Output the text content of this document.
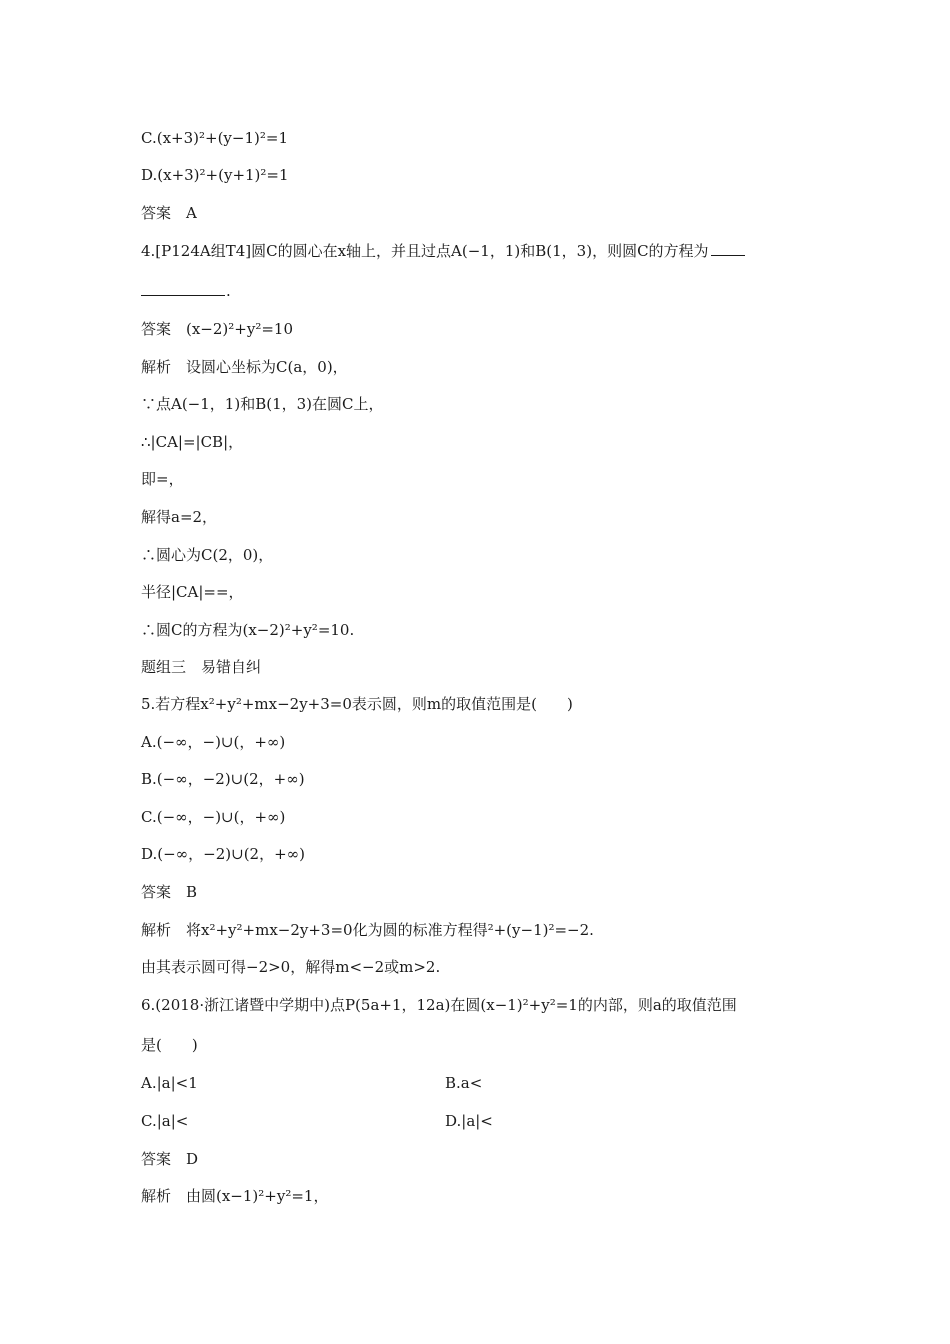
C.(x+3)²+(y−1)²=1
D.(x+3)²+(y+1)²=1
答案　A
4.[P124A组T4]圆C的圆心在x轴上，并且过点A(−1，1)和B(1，3)，则圆C的方程为
.
答案　(x−2)²+y²=10
解析　设圆心坐标为C(a，0)，
∵点A(−1，1)和B(1，3)在圆C上，
∴|CA|=|CB|，
即=，
解得a=2，
∴圆心为C(2，0)，
半径|CA|==，
∴圆C的方程为(x−2)²+y²=10.
题组三　易错自纠
5.若方程x²+y²+mx−2y+3=0表示圆，则m的取值范围是(　　)
A.(−∞，−)∪(，+∞)
B.(−∞，−2)∪(2，+∞)
C.(−∞，−)∪(，+∞)
D.(−∞，−2)∪(2，+∞)
答案　B
解析　将x²+y²+mx−2y+3=0化为圆的标准方程得²+(y−1)²=−2.
由其表示圆可得−2>0，解得m<−2或m>2.
6.(2018·浙江诸暨中学期中)点P(5a+1，12a)在圆(x−1)²+y²=1的内部，则a的取值范围
是(　　)
A.|a|<1	B.a<
C.|a|<	D.|a|<
答案　D
解析　由圆(x−1)²+y²=1，
